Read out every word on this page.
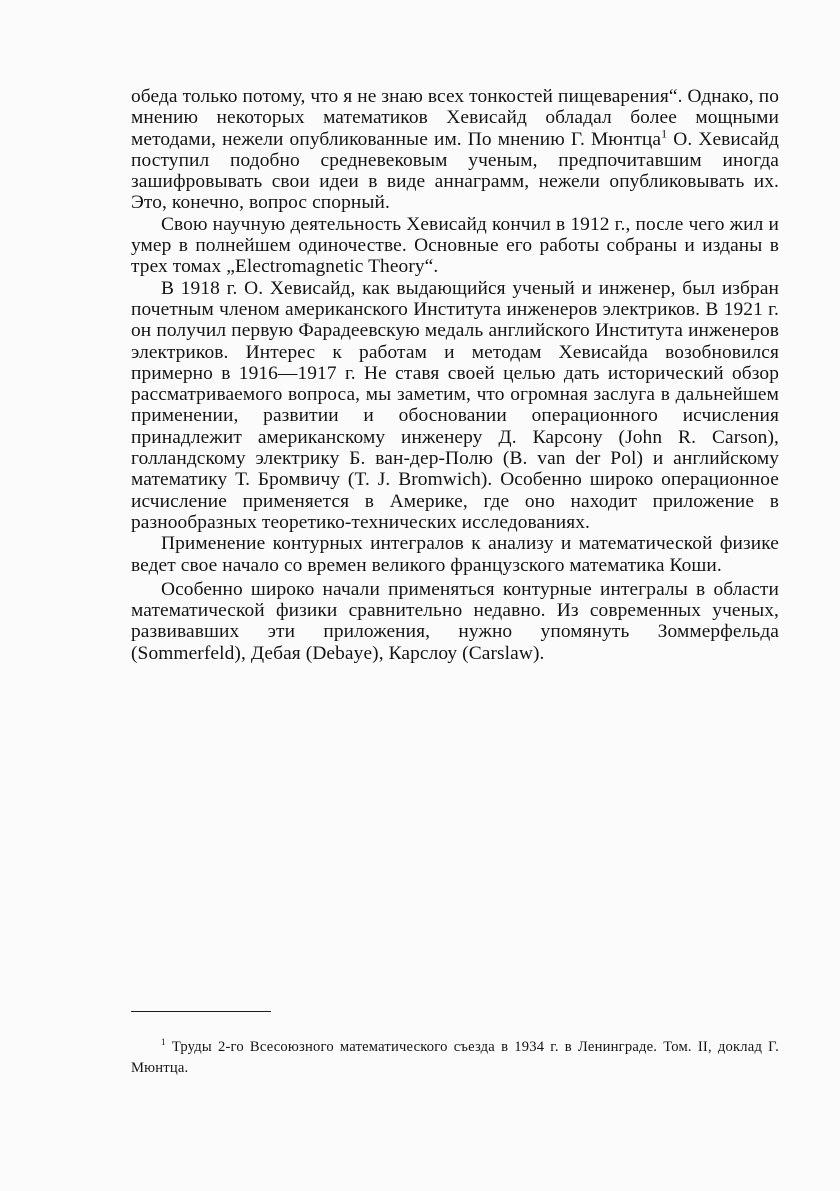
обеда только потому, что я не знаю всех тонкостей пищеварения“. Однако, по мнению некоторых математиков Хевисайд обладал более мощными методами, нежели опубликованные им. По мнению Г. Мюнтца$^1$ О. Хевисайд поступил подобно средневековым ученым, предпочитавшим иногда зашифровывать свои идеи в виде аннаграмм, нежели опубликовывать их. Это, конечно, вопрос спорный.

Свою научную деятельность Хевисайд кончил в 1912 г., после чего жил и умер в полнейшем одиночестве. Основные его работы собраны и изданы в трех томах „Electromagnetic Theory“.

В 1918 г. О. Хевисайд, как выдающийся ученый и инженер, был избран почетным членом американского Института инженеров электриков. В 1921 г. он получил первую Фарадеевскую медаль английского Института инженеров электриков. Интерес к работам и методам Хевисайда возобновился примерно в 1916—1917 г. Не ставя своей целью дать исторический обзор рассматриваемого вопроса, мы заметим, что огромная заслуга в дальнейшем применении, развитии и обосновании операционного исчисления принадлежит американскому инженеру Д. Карсону (John R. Carson), голландскому электрику Б. ван-дер-Полю (B. van der Pol) и английскому математику Т. Бромвичу (T. J. Bromwich). Особенно широко операционное исчисление применяется в Америке, где оно находит приложение в разнообразных теоретико-технических исследованиях.

Применение контурных интегралов к анализу и математической физике ведет свое начало со времен великого французского математика Коши.

Особенно широко начали применяться контурные интегралы в области математической физики сравнительно недавно. Из современных ученых, развивавших эти приложения, нужно упомянуть Зоммерфельда (Sommerfeld), Дебая (Debaye), Карслоу (Carslaw).

$^1$ Труды 2-го Всесоюзного математического съезда в 1934 г. в Ленинграде. Том. II, доклад Г. Мюнтца.
